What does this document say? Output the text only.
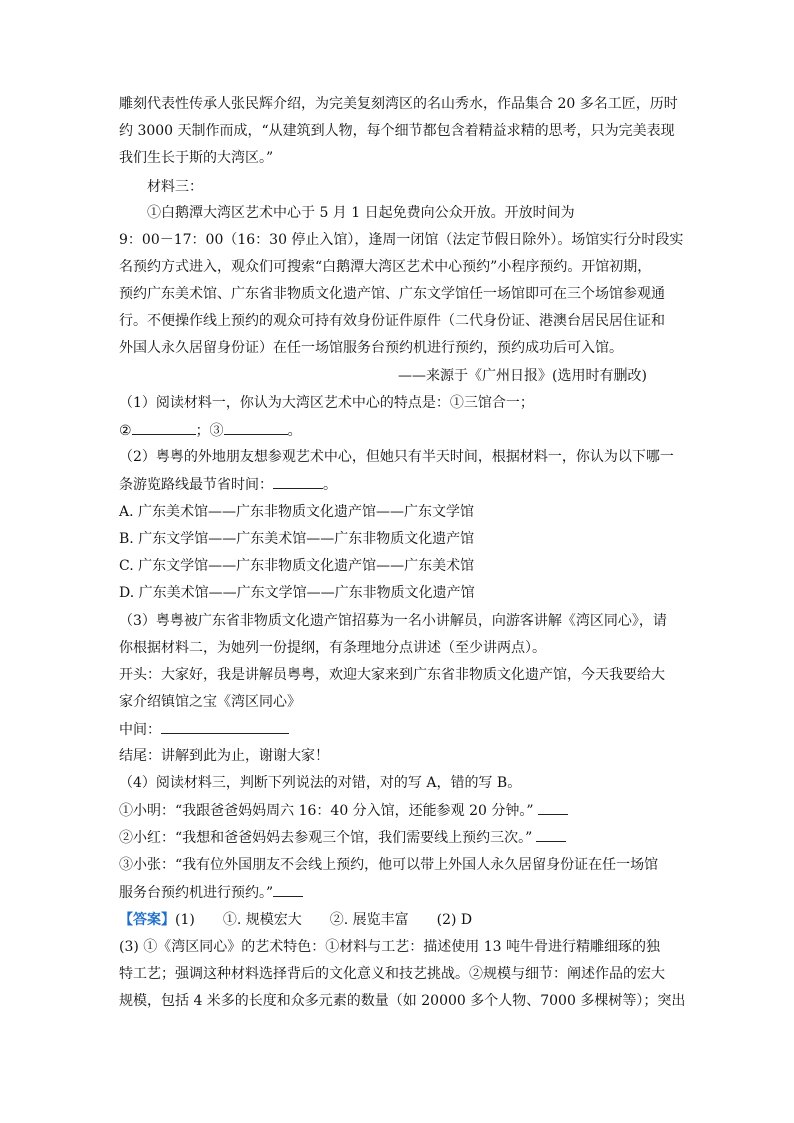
雕刻代表性传承人张民辉介绍，为完美复刻湾区的名山秀水，作品集合 20 多名工匠，历时
约 3000 天制作而成，“从建筑到人物，每个细节都包含着精益求精的思考，只为完美表现
我们生长于斯的大湾区。”
材料三：
①白鹅潭大湾区艺术中心于 5 月 1 日起免费向公众开放。开放时间为
9：00－17：00（16：30 停止入馆），逢周一闭馆（法定节假日除外）。场馆实行分时段实
名预约方式进入，观众们可搜索“白鹅潭大湾区艺术中心预约”小程序预约。开馆初期，
预约广东美术馆、广东省非物质文化遗产馆、广东文学馆任一场馆即可在三个场馆参观通
行。不便操作线上预约的观众可持有效身份证件原件（二代身份证、港澳台居民居住证和
外国人永久居留身份证）在任一场馆服务台预约机进行预约，预约成功后可入馆。
——来源于《广州日报》(选用时有删改)
（1）阅读材料一，你认为大湾区艺术中心的特点是：①三馆合一；
②	；③	。
（2）粤粤的外地朋友想参观艺术中心，但她只有半天时间，根据材料一，你认为以下哪一
条游览路线最节省时间：	。
A. 广东美术馆——广东非物质文化遗产馆——广东文学馆
B. 广东文学馆——广东美术馆——广东非物质文化遗产馆
C. 广东文学馆——广东非物质文化遗产馆——广东美术馆
D. 广东美术馆——广东文学馆——广东非物质文化遗产馆
（3）粤粤被广东省非物质文化遗产馆招募为一名小讲解员，向游客讲解《湾区同心》，请
你根据材料二，为她列一份提纲，有条理地分点讲述（至少讲两点）。
开头：大家好，我是讲解员粤粤，欢迎大家来到广东省非物质文化遗产馆，今天我要给大
家介绍镇馆之宝《湾区同心》
中间：
结尾：讲解到此为止，谢谢大家！
（4）阅读材料三，判断下列说法的对错，对的写 A，错的写 B。
①小明：“我跟爸爸妈妈周六 16：40 分入馆，还能参观 20 分钟。”
②小红：“我想和爸爸妈妈去参观三个馆，我们需要线上预约三次。”
③小张：“我有位外国朋友不会线上预约，他可以带上外国人永久居留身份证在任一场馆
服务台预约机进行预约。”
【答案】(1)　　①. 规模宏大　　②. 展览丰富　　(2) D
(3) ①《湾区同心》的艺术特色：①材料与工艺：描述使用 13 吨牛骨进行精雕细琢的独
特工艺；强调这种材料选择背后的文化意义和技艺挑战。②规模与细节：阐述作品的宏大
规模，包括 4 米多的长度和众多元素的数量（如 20000 多个人物、7000 多棵树等）；突出
